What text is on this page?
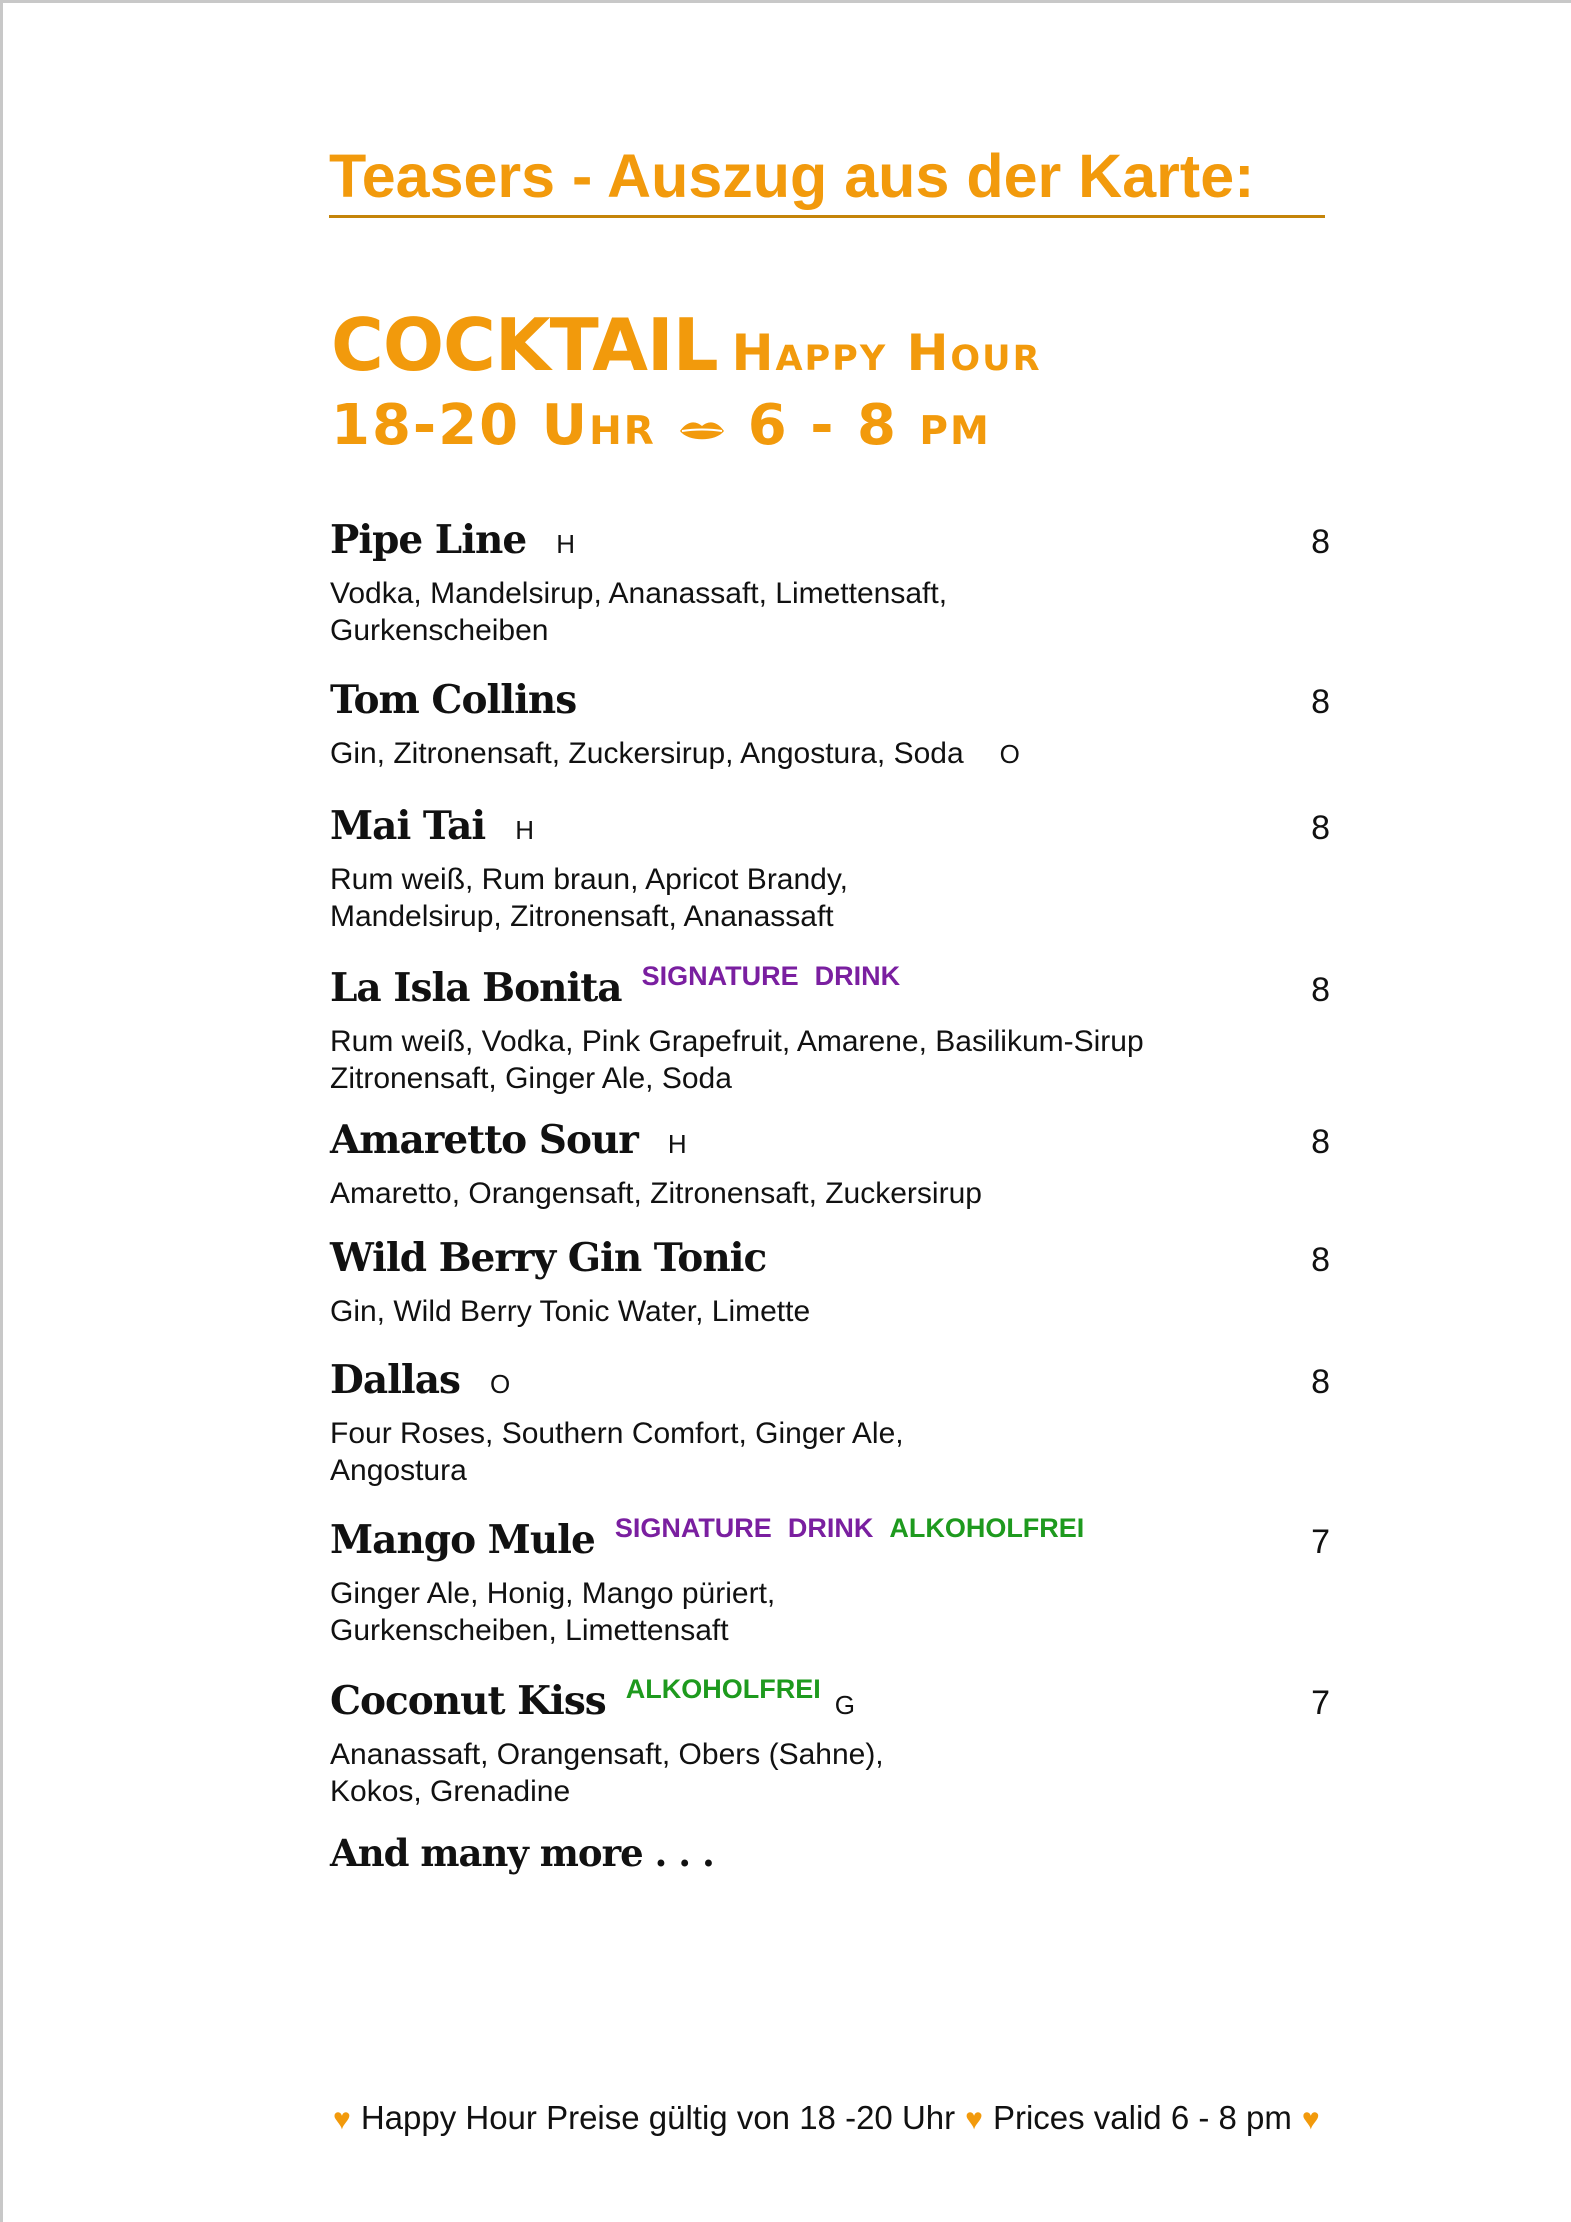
Teasers - Auszug aus der Karte:
COCKTAIL Happy Hour
18-20 Uhr 6 - 8 pm
Pipe Line H	8
Vodka, Mandelsirup, Ananassaft, Limettensaft,
Gurkenscheiben
Tom Collins	8
Gin, Zitronensaft, Zuckersirup, Angostura, Soda O
Mai Tai H	8
Rum weiß, Rum braun, Apricot Brandy,
Mandelsirup, Zitronensaft, Ananassaft
La Isla Bonita SIGNATURE DRINK	8
Rum weiß, Vodka, Pink Grapefruit, Amarene, Basilikum-Sirup
Zitronensaft, Ginger Ale, Soda
Amaretto Sour H	8
Amaretto, Orangensaft, Zitronensaft, Zuckersirup
Wild Berry Gin Tonic	8
Gin, Wild Berry Tonic Water, Limette
Dallas O	8
Four Roses, Southern Comfort, Ginger Ale,
Angostura
Mango Mule SIGNATURE DRINK ALKOHOLFREI	7
Ginger Ale, Honig, Mango püriert,
Gurkenscheiben, Limettensaft
Coconut Kiss ALKOHOLFREIG	7
Ananassaft, Orangensaft, Obers (Sahne),
Kokos, Grenadine
And many more . . .
♥ Happy Hour Preise gültig von 18 -20 Uhr ♥ Prices valid 6 - 8 pm ♥
